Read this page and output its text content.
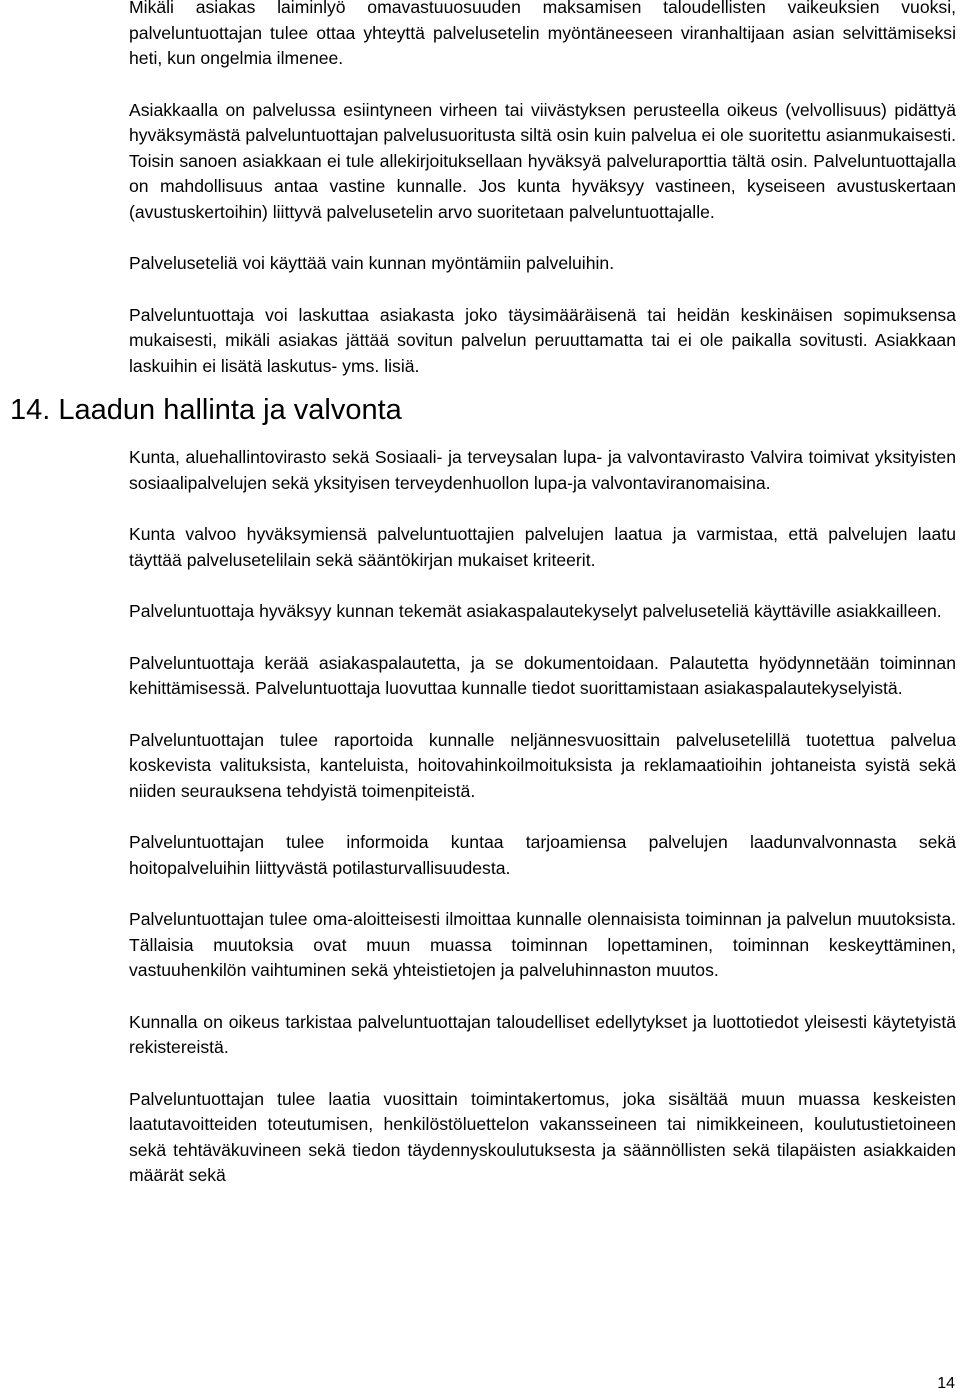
Mikäli asiakas laiminlyö omavastuuosuuden maksamisen taloudellisten vaikeuksien vuoksi, palveluntuottajan tulee ottaa yhteyttä palvelusetelin myöntäneeseen viranhaltijaan asian selvittämiseksi heti, kun ongelmia ilmenee.

Asiakkaalla on palvelussa esiintyneen virheen tai viivästyksen perusteella oikeus (velvollisuus) pidättyä hyväksymästä palveluntuottajan palvelusuoritusta siltä osin kuin palvelua ei ole suoritettu asianmukaisesti. Toisin sanoen asiakkaan ei tule allekirjoituksellaan hyväksyä palveluraporttia tältä osin. Palveluntuottajalla on mahdollisuus antaa vastine kunnalle. Jos kunta hyväksyy vastineen, kyseiseen avustuskertaan (avustuskertoihin) liittyvä palvelusetelin arvo suoritetaan palveluntuottajalle.

Palveluseteliä voi käyttää vain kunnan myöntämiin palveluihin.

Palveluntuottaja voi laskuttaa asiakasta joko täysimääräisenä tai heidän keskinäisen sopimuksensa mukaisesti, mikäli asiakas jättää sovitun palvelun peruuttamatta tai ei ole paikalla sovitusti. Asiakkaan laskuihin ei lisätä laskutus- yms. lisiä.

14. Laadun hallinta ja valvonta

Kunta, aluehallintovirasto sekä Sosiaali- ja terveysalan lupa- ja valvontavirasto Valvira toimivat yksityisten sosiaalipalvelujen sekä yksityisen terveydenhuollon lupa-ja valvontaviranomaisina.

Kunta valvoo hyväksymiensä palveluntuottajien palvelujen laatua ja varmistaa, että palvelujen laatu täyttää palvelusetelilain sekä sääntökirjan mukaiset kriteerit.

Palveluntuottaja hyväksyy kunnan tekemät asiakaspalautekyselyt palveluseteliä käyttäville asiakkailleen.

Palveluntuottaja kerää asiakaspalautetta, ja se dokumentoidaan. Palautetta hyödynnetään toiminnan kehittämisessä. Palveluntuottaja luovuttaa kunnalle tiedot suorittamistaan asiakaspalautekyselyistä.

Palveluntuottajan tulee raportoida kunnalle neljännesvuosittain palvelusetelillä tuotettua palvelua koskevista valituksista, kanteluista, hoitovahinkoilmoituksista ja reklamaatioihin johtaneista syistä sekä niiden seurauksena tehdyistä toimenpiteistä.

Palveluntuottajan tulee informoida kuntaa tarjoamiensa palvelujen laadunvalvonnasta sekä hoitopalveluihin liittyvästä potilasturvallisuudesta.

Palveluntuottajan tulee oma-aloitteisesti ilmoittaa kunnalle olennaisista toiminnan ja palvelun muutoksista. Tällaisia muutoksia ovat muun muassa toiminnan lopettaminen, toiminnan keskeyttäminen, vastuuhenkilön vaihtuminen sekä yhteistietojen ja palveluhinnaston muutos.

Kunnalla on oikeus tarkistaa palveluntuottajan taloudelliset edellytykset ja luottotiedot yleisesti käytetyistä rekistereistä.

Palveluntuottajan tulee laatia vuosittain toimintakertomus, joka sisältää muun muassa keskeisten laatutavoitteiden toteutumisen, henkilöstöluettelon vakansseineen tai nimikkeineen, koulutustietoineen sekä tehtäväkuvineen sekä tiedon täydennyskoulutuksesta ja säännöllisten sekä tilapäisten asiakkaiden määrät sekä

14
